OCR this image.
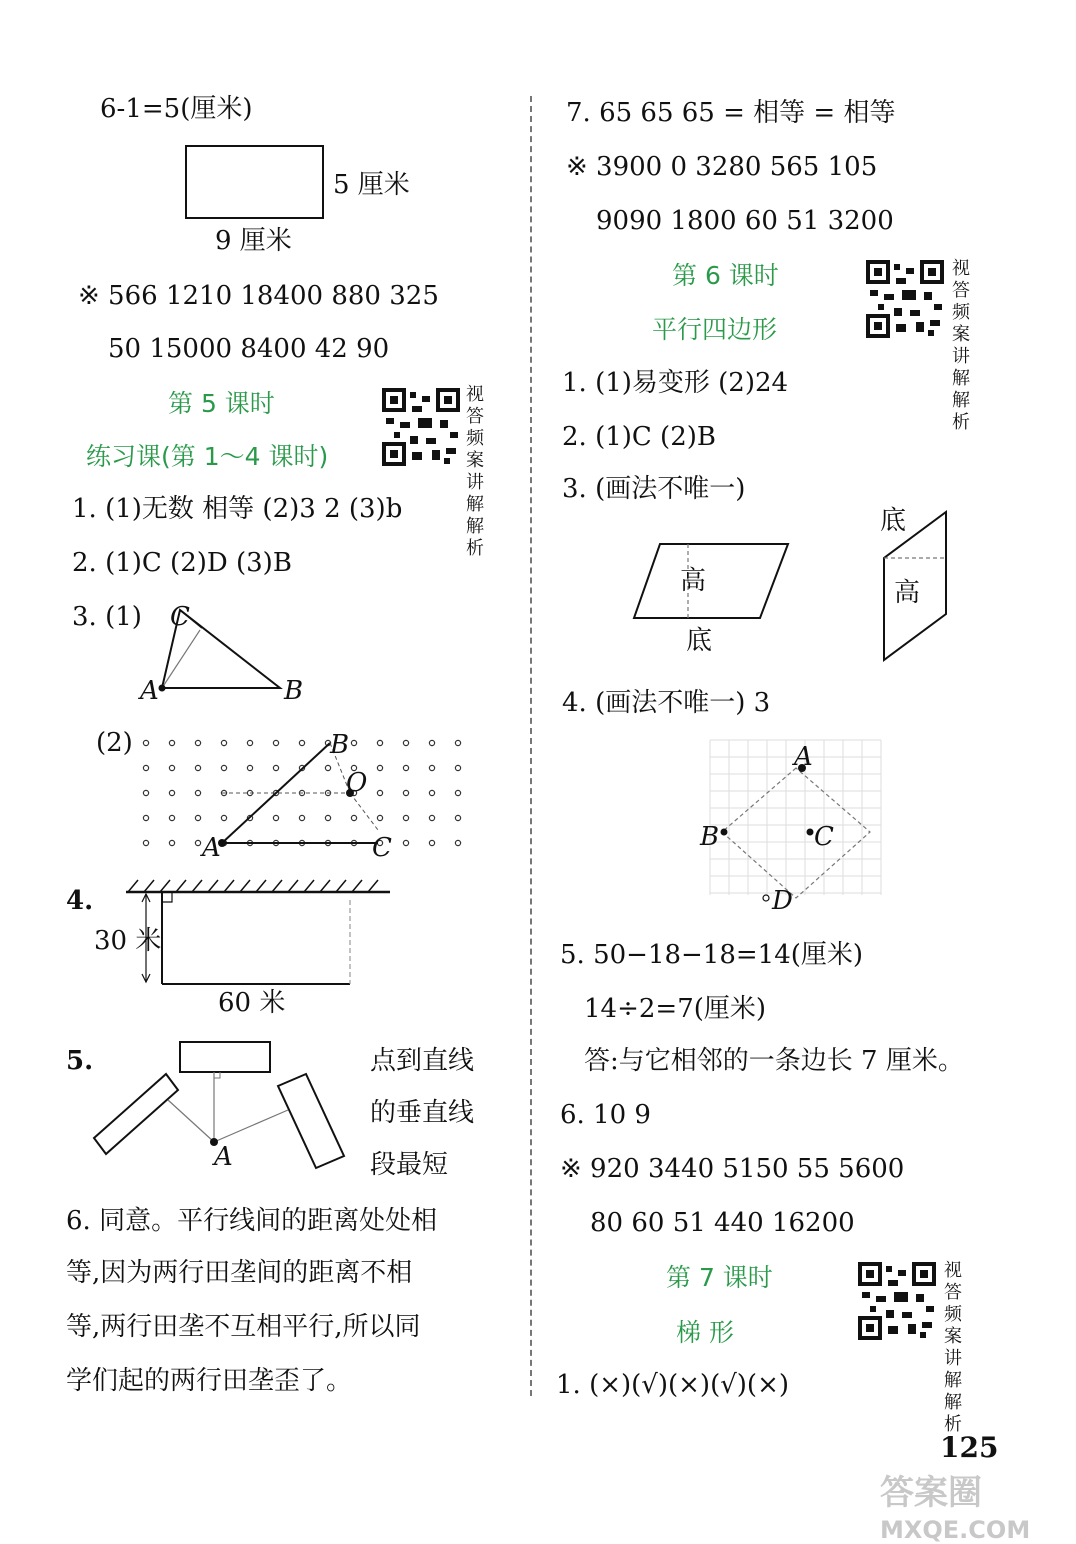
6-1=5(厘米)
5 厘米
9 厘米
※ 566 1210 18400 880 325
50 15000 8400 42 90
第 5 课时
练习课(第 1～4 课时)
视答频案讲解解析
1. (1)无数 相等 (2)3 2 (3)b
2. (1)C (2)D (3)B
3. (1) C
A	B
(2)	B
O
A	C
4.
30 米
60 米
5.
A
点到直线
的垂直线
段最短
6. 同意。平行线间的距离处处相
等,因为两行田垄间的距离不相
等,两行田垄不互相平行,所以同
学们起的两行田垄歪了。
7. 65 65 65 = 相等 = 相等
※ 3900 0 3280 565 105
9090 1800 60 51 3200
第 6 课时
平行四边形
视答频案讲解解析
1. (1)易变形 (2)24
2. (1)C (2)B
3. (画法不唯一)
高
底
底
高
4. (画法不唯一) 3
A
B	C
D
5. 50−18−18=14(厘米)
14÷2=7(厘米)
答:与它相邻的一条边长 7 厘米。
6. 10 9
※ 920 3440 5150 55 5600
80 60 51 440 16200
第 7 课时
梯 形
视答频案讲解解析
1. (×)(√)(×)(√)(×)
125
答案圈
MXQE.COM
